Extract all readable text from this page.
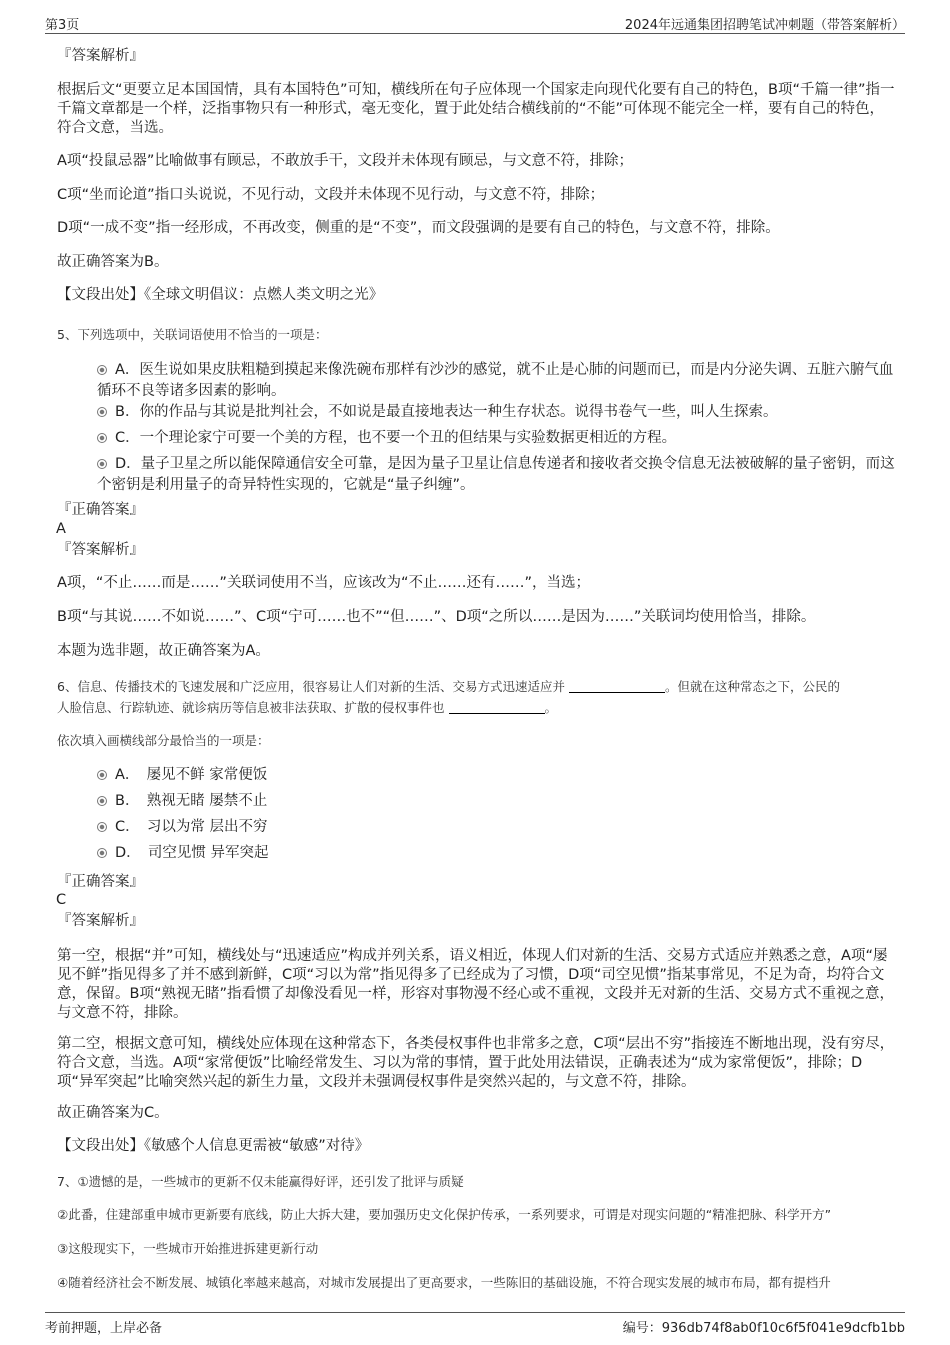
第3页	2024年远通集团招聘笔试冲刺题（带答案解析）

『答案解析』

根据后文“更要立足本国国情，具有本国特色”可知，横线所在句子应体现一个国家走向现代化要有自己的特色，B项“千篇一律”指一千篇文章都是一个样，泛指事物只有一种形式，毫无变化，置于此处结合横线前的“不能”可体现不能完全一样，要有自己的特色，符合文意，当选。

A项“投鼠忌器”比喻做事有顾忌，不敢放手干，文段并未体现有顾忌，与文意不符，排除；

C项“坐而论道”指口头说说，不见行动，文段并未体现不见行动，与文意不符，排除；

D项“一成不变”指一经形成，不再改变，侧重的是“不变”，而文段强调的是要有自己的特色，与文意不符，排除。

故正确答案为B。

【文段出处】《全球文明倡议：点燃人类文明之光》

5、下列选项中，关联词语使用不恰当的一项是：

A．医生说如果皮肤粗糙到摸起来像洗碗布那样有沙沙的感觉，就不止是心肺的问题而已，而是内分泌失调、五脏六腑气血循环不良等诸多因素的影响。
B．你的作品与其说是批判社会，不如说是最直接地表达一种生存状态。说得书卷气一些，叫人生探索。
C．一个理论家宁可要一个美的方程，也不要一个丑的但结果与实验数据更相近的方程。
D．量子卫星之所以能保障通信安全可靠，是因为量子卫星让信息传递者和接收者交换令信息无法被破解的量子密钥，而这个密钥是利用量子的奇异特性实现的，它就是“量子纠缠”。

『正确答案』

A

『答案解析』

A项，“不止……而是……”关联词使用不当，应该改为“不止……还有……”，当选；

B项“与其说……不如说……”、C项“宁可……也不”“但……”、D项“之所以……是因为……”关联词均使用恰当，排除。

本题为选非题，故正确答案为A。

6、信息、传播技术的飞速发展和广泛应用，很容易让人们对新的生活、交易方式迅速适应并	。但就在这种常态之下，公民的
人脸信息、行踪轨迹、就诊病历等信息被非法获取、扩散的侵权事件也	。

依次填入画横线部分最恰当的一项是：

A．　屡见不鲜 家常便饭
B．　熟视无睹 屡禁不止
C．　习以为常 层出不穷
D．　司空见惯 异军突起

『正确答案』

C

『答案解析』

第一空，根据“并”可知，横线处与“迅速适应”构成并列关系，语义相近，体现人们对新的生活、交易方式适应并熟悉之意，A项“屡见不鲜”指见得多了并不感到新鲜，C项“习以为常”指见得多了已经成为了习惯，D项“司空见惯”指某事常见，不足为奇，均符合文意，保留。B项“熟视无睹”指看惯了却像没看见一样，形容对事物漫不经心或不重视，文段并无对新的生活、交易方式不重视之意，与文意不符，排除。

第二空，根据文意可知，横线处应体现在这种常态下，各类侵权事件也非常多之意，C项“层出不穷”指接连不断地出现，没有穷尽，符合文意，当选。A项“家常便饭”比喻经常发生、习以为常的事情，置于此处用法错误，正确表述为“成为家常便饭”，排除；D项“异军突起”比喻突然兴起的新生力量，文段并未强调侵权事件是突然兴起的，与文意不符，排除。

故正确答案为C。

【文段出处】《敏感个人信息更需被“敏感”对待》

7、①遗憾的是，一些城市的更新不仅未能赢得好评，还引发了批评与质疑

②此番，住建部重申城市更新要有底线，防止大拆大建，要加强历史文化保护传承，一系列要求，可谓是对现实问题的“精准把脉、科学开方”

③这般现实下，一些城市开始推进拆建更新行动

④随着经济社会不断发展、城镇化率越来越高，对城市发展提出了更高要求，一些陈旧的基础设施，不符合现实发展的城市布局，都有提档升

考前押题，上岸必备	编号：936db74f8ab0f10c6f5f041e9dcfb1bb
